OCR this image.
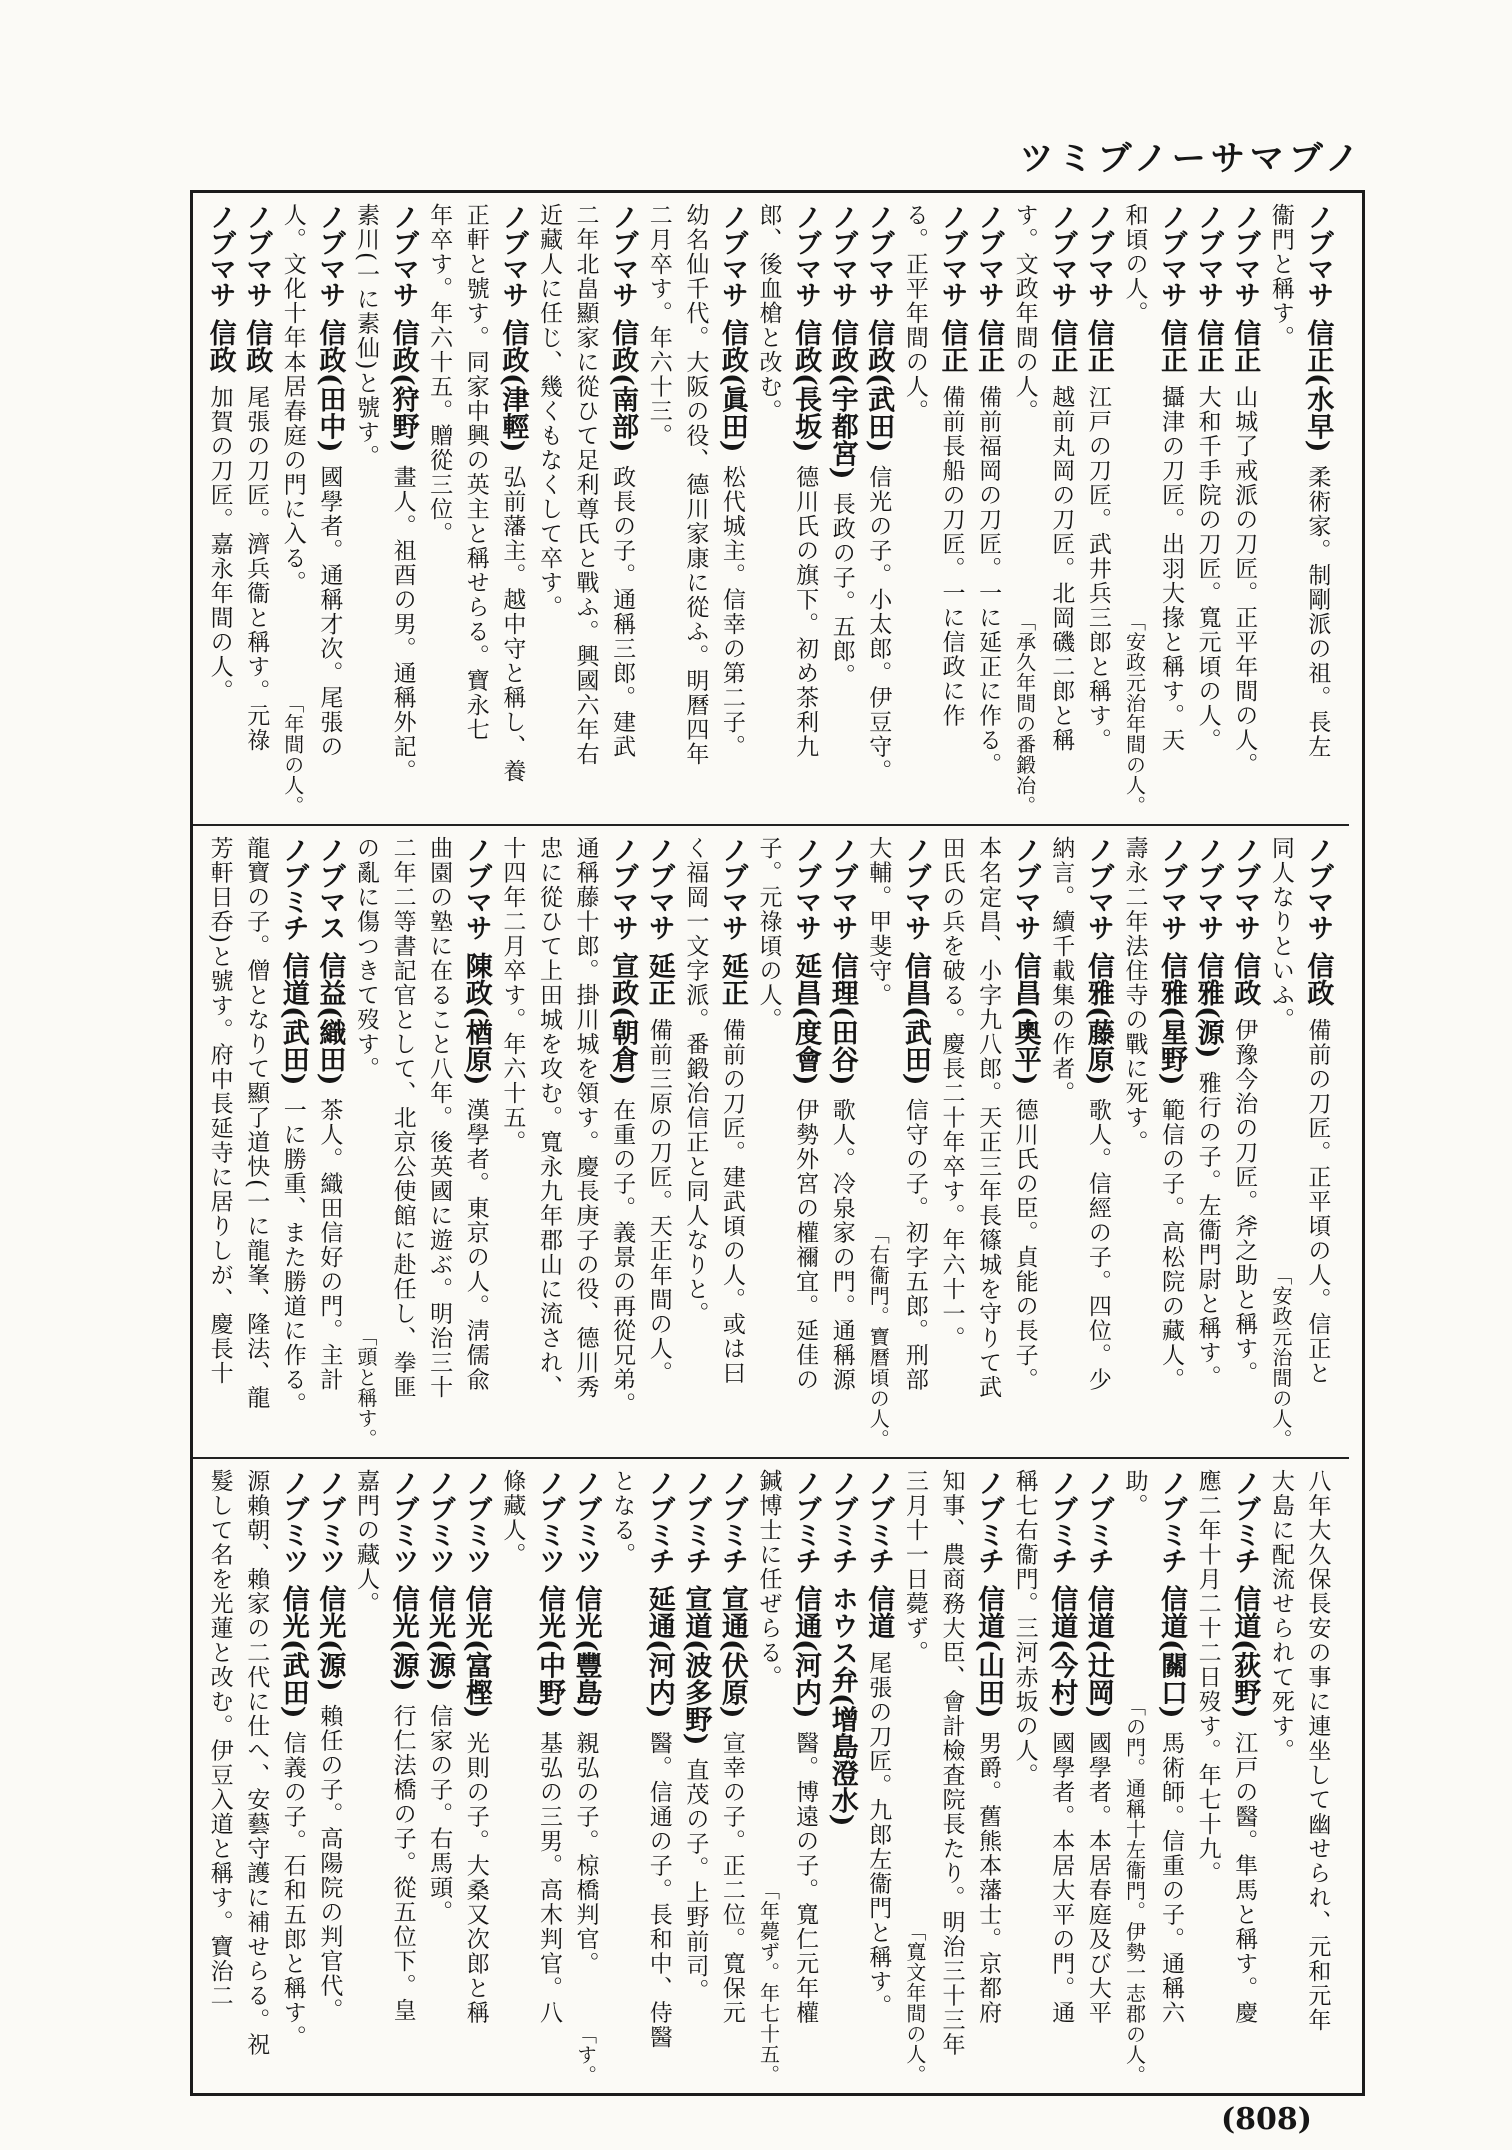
ノブマサーノブミツ
ノブマサ信正(水早)柔術家。制剛派の祖。長左
衞門と稱す。
ノブマサ信正山城了戒派の刀匠。正平年間の人。
ノブマサ信正大和千手院の刀匠。寬元頃の人。
ノブマサ信正攝津の刀匠。出羽大掾と稱す。天
和頃の人。
「安政元治年間の人。
ノブマサ信正江戸の刀匠。武井兵三郎と稱す。
ノブマサ信正越前丸岡の刀匠。北岡磯二郎と稱
す。文政年間の人。
「承久年間の番鍛冶。
ノブマサ信正備前福岡の刀匠。一に延正に作る。
ノブマサ信正備前長船の刀匠。一に信政に作
る。正平年間の人。
ノブマサ信政(武田)信光の子。小太郎。伊豆守。
ノブマサ信政(宇都宮)長政の子。五郎。
ノブマサ信政(長坂)德川氏の旗下。初め茶利九
郎、後血槍と改む。
ノブマサ信政(眞田)松代城主。信幸の第二子。
幼名仙千代。大阪の役、德川家康に從ふ。明曆四年
二月卒す。年六十三。
ノブマサ信政(南部)政長の子。通稱三郎。建武
二年北畠顯家に從ひて足利尊氏と戰ふ。興國六年右
近藏人に任じ、幾くもなくして卒す。
ノブマサ信政(津輕)弘前藩主。越中守と稱し、養
正軒と號す。同家中興の英主と稱せらる。寶永七
年卒す。年六十五。贈從三位。
ノブマサ信政(狩野)畫人。祖酉の男。通稱外記。
素川(一に素仙)と號す。
ノブマサ信政(田中)國學者。通稱才次。尾張の
人。文化十年本居春庭の門に入る。
「年間の人。
ノブマサ信政尾張の刀匠。濟兵衞と稱す。元祿
ノブマサ信政加賀の刀匠。嘉永年間の人。
ノブマサ信政備前の刀匠。正平頃の人。信正と
同人なりといふ。
「安政元治間の人。
ノブマサ信政伊豫今治の刀匠。斧之助と稱す。
ノブマサ信雅(源)雅行の子。左衞門尉と稱す。
ノブマサ信雅(星野)範信の子。高松院の藏人。
壽永二年法住寺の戰に死す。
ノブマサ信雅(藤原)歌人。信經の子。四位。少
納言。續千載集の作者。
ノブマサ信昌(奧平)德川氏の臣。貞能の長子。
本名定昌、小字九八郎。天正三年長篠城を守りて武
田氏の兵を破る。慶長二十年卒す。年六十一。
ノブマサ信昌(武田)信守の子。初字五郎。刑部
大輔。甲斐守。
「右衞門。寶曆頃の人。
ノブマサ信理(田谷)歌人。冷泉家の門。通稱源
ノブマサ延昌(度會)伊勢外宮の權禰宜。延佳の
子。元祿頃の人。
ノブマサ延正備前の刀匠。建武頃の人。或は曰
く福岡一文字派。番鍛冶信正と同人なりと。
ノブマサ延正備前三原の刀匠。天正年間の人。
ノブマサ宣政(朝倉)在重の子。義景の再從兄弟。
通稱藤十郎。掛川城を領す。慶長庚子の役、德川秀
忠に從ひて上田城を攻む。寬永九年郡山に流され、
十四年二月卒す。年六十五。
ノブマサ陳政(楢原)漢學者。東京の人。淸儒兪
曲園の塾に在ること八年。後英國に遊ぶ。明治三十
二年二等書記官として、北京公使館に赴任し、拳匪
の亂に傷つきて歿す。
「頭と稱す。
ノブマス信益(織田)茶人。織田信好の門。主計
ノブミチ信道(武田)一に勝重、また勝道に作る。
龍寶の子。僧となりて顯了道快(一に龍峯、隆法、龍
芳軒日呑)と號す。府中長延寺に居りしが、慶長十
八年大久保長安の事に連坐して幽せられ、元和元年
大島に配流せられて死す。
ノブミチ信道(荻野)江戸の醫。隼馬と稱す。慶
應二年十月二十二日歿す。年七十九。
ノブミチ信道(關口)馬術師。信重の子。通稱六
助。
「の門。通稱十左衞門。伊勢一志郡の人。
ノブミチ信道(辻岡)國學者。本居春庭及び大平
ノブミチ信道(今村)國學者。本居大平の門。通
稱七右衞門。三河赤坂の人。
ノブミチ信道(山田)男爵。舊熊本藩士。京都府
知事、農商務大臣、會計檢査院長たり。明治三十三年
三月十一日薨ず。
「寬文年間の人。
ノブミチ信道尾張の刀匠。九郎左衞門と稱す。
ノブミチホウス弁(增島澄水)
ノブミチ信通(河内)醫。博遠の子。寬仁元年權
鍼博士に任ぜらる。
「年薨ず。年七十五。
ノブミチ宣通(伏原)宣幸の子。正二位。寬保元
ノブミチ宣道(波多野)直茂の子。上野前司。
ノブミチ延通(河内)醫。信通の子。長和中、侍醫
となる。
ノブミツ信光(豐島)親弘の子。椋橋判官。
「す。
ノブミツ信光(中野)基弘の三男。高木判官。八
條藏人。
ノブミツ信光(富樫)光則の子。大桑又次郎と稱
ノブミツ信光(源)信家の子。右馬頭。
ノブミツ信光(源)行仁法橋の子。從五位下。皇
嘉門の藏人。
ノブミツ信光(源)賴任の子。高陽院の判官代。
ノブミツ信光(武田)信義の子。石和五郎と稱す。
源賴朝、賴家の二代に仕へ、安藝守護に補せらる。祝
髮して名を光蓮と改む。伊豆入道と稱す。寶治二
(808)
